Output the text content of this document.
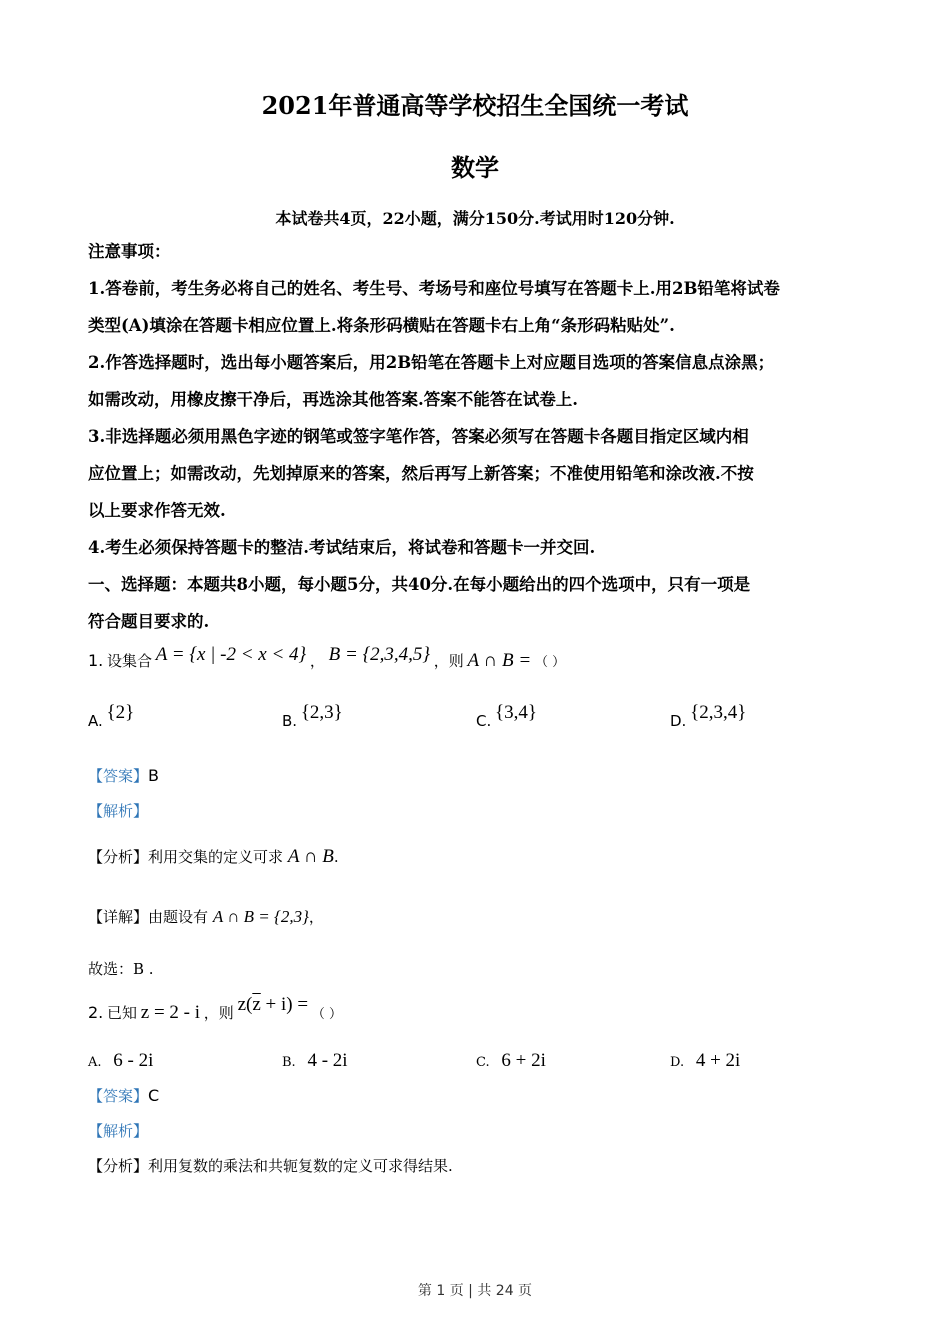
2021年普通高等学校招生全国统一考试
数学
本试卷共4页，22小题，满分150分.考试用时120分钟.
注意事项：
1.答卷前，考生务必将自己的姓名、考生号、考场号和座位号填写在答题卡上.用2B铅笔将试卷
类型(A)填涂在答题卡相应位置上.将条形码横贴在答题卡右上角“条形码粘贴处”.
2.作答选择题时，选出每小题答案后，用2B铅笔在答题卡上对应题目选项的答案信息点涂黑；
如需改动，用橡皮擦干净后，再选涂其他答案.答案不能答在试卷上.
3.非选择题必须用黑色字迹的钢笔或签字笔作答，答案必须写在答题卡各题目指定区域内相
应位置上；如需改动，先划掉原来的答案，然后再写上新答案；不准使用铅笔和涂改液.不按
以上要求作答无效.
4.考生必须保持答题卡的整洁.考试结束后，将试卷和答题卡一并交回.
一、选择题：本题共8小题，每小题5分，共40分.在每小题给出的四个选项中，只有一项是
符合题目要求的.
1. 设集合 A = {x | -2 < x < 4} ， B = {2,3,4,5} ，则 A ∩ B = （ ）
A. {2}	B. {2,3}	C. {3,4}	D. {2,3,4}
【答案】B
【解析】
【分析】利用交集的定义可求 A ∩ B.
【详解】由题设有 A ∩ B = {2,3}，
故选：B .
2. 已知 z = 2 - i ，则 $z(\overline{z} + i)$ = （ ）
A. 6 - 2i	B. 4 - 2i	C. 6 + 2i	D. 4 + 2i
【答案】C
【解析】
【分析】利用复数的乘法和共轭复数的定义可求得结果.
第 1 页 | 共 24 页
